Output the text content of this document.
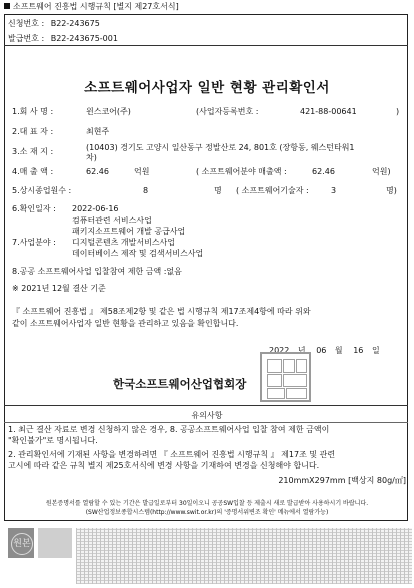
소프트웨어 진흥법 시행규칙 [별지 제27호서식]
신청번호 : B22-243675
발급번호 : B22-243675-001
소프트웨어사업자 일반 현황 관리확인서
1.회 사 명 :	윈스코어(주)	(사업자등록번호 :	421-88-00641	)
2.대 표 자 :	최현주
3.소 재 지 :	(10403) 경기도 고양시 일산동구 정발산로 24, 801호 (장항동, 웨스턴타워1
차)
4.매 출 액 :	62.46	억원	( 소프트웨어분야 매출액 :	62.46	억원)
5.상시종업원수 :	8	명 ( 소프트웨어기술자 :	3	명)
6.확인일자 : 2022-06-16
컴퓨터관련 서비스사업
패키지소프트웨어 개발 공급사업
7.사업분야 : 디지털콘텐츠 개발서비스사업
데이터베이스 제작 및 검색서비스사업
8.공공 소프트웨어사업 입찰참여 제한 금액 :없음
※ 2021년 12월 결산 기준
『 소프트웨어 진흥법 』 제58조제2항 및 같은 법 시행규칙 제17조제4항에 따라 위와
같이 소프트웨어사업자 일반 현황을 관리하고 있음을 확인합니다.
2022 년 06 월 16 일
한국소프트웨어산업협회장
유의사항
1. 최근 결산 자료로 변경 신청하지 않은 경우, 8. 공공소프트웨어사업 입찰 참여 제한 금액이
"확인불가"로 명시됩니다.
2. 관리확인서에 기재된 사항을 변경하려면 『 소프트웨어 진흥법 시행규칙 』 제17조 및 관련
고시에 따라 같은 규칙 별지 제25호서식에 변경 사항을 기재하여 변경을 신청해야 합니다.
210mmX297mm [백상지 80g/㎡]
원본증명서를 열람할 수 있는 기간은 발급일로부터 30일이오니 공공SW입찰 등 제출시 새로 발급받아 사용하시기 바랍니다.
(SW산업정보종합시스템(http://www.swit.or.kr)의 '증명서위변조 확인' 메뉴에서 열람가능)
원본
